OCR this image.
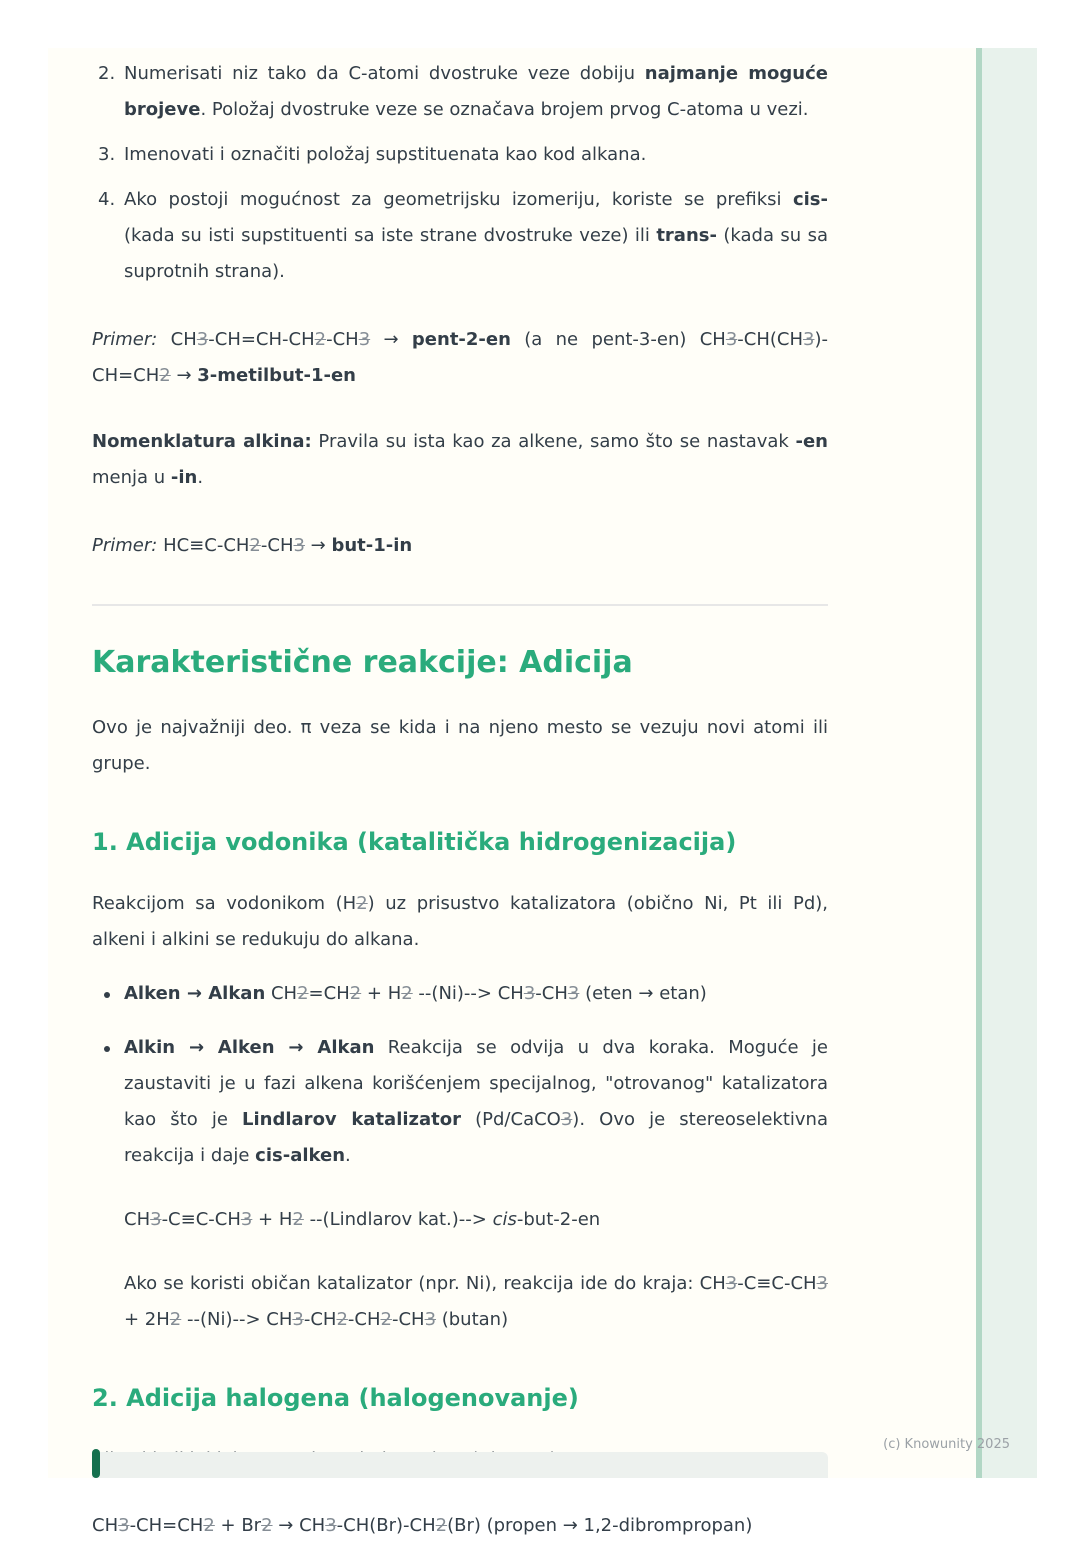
2. Numerisati niz tako da C-atomi dvostruke veze dobiju najmanje moguće brojeve. Položaj dvostruke veze se označava brojem prvog C-atoma u vezi.
3. Imenovati i označiti položaj supstituenata kao kod alkana.
4. Ako postoji mogućnost za geometrijsku izomeriju, koriste se prefiksi cis- (kada su isti supstituenti sa iste strane dvostruke veze) ili trans- (kada su sa suprotnih strana).

Primer: CH3-CH=CH-CH2-CH3 → pent-2-en (a ne pent-3-en) CH3-CH(CH3)-CH=CH2 → 3-metilbut-1-en

Nomenklatura alkina: Pravila su ista kao za alkene, samo što se nastavak -en menja u -in.

Primer: HC≡C-CH2-CH3 → but-1-in

Karakteristične reakcije: Adicija

Ovo je najvažniji deo. π veza se kida i na njeno mesto se vezuju novi atomi ili grupe.

1. Adicija vodonika (katalitička hidrogenizacija)

Reakcijom sa vodonikom (H2) uz prisustvo katalizatora (obično Ni, Pt ili Pd), alkeni i alkini se redukuju do alkana.

Alken → Alkan CH2=CH2 + H2 --(Ni)--> CH3-CH3 (eten → etan)
Alkin → Alken → Alkan Reakcija se odvija u dva koraka. Moguće je zaustaviti je u fazi alkena korišćenjem specijalnog, "otrovanog" katalizatora kao što je Lindlarov katalizator (Pd/CaCO3). Ovo je stereoselektivna reakcija i daje cis-alken.

CH3-C≡C-CH3 + H2 --(Lindlarov kat.)--> cis-but-2-en

Ako se koristi običan katalizator (npr. Ni), reakcija ide do kraja: CH3-C≡C-CH3 + 2H2 --(Ni)--> CH3-CH2-CH2-CH3 (butan)

2. Adicija halogena (halogenovanje)

CH3-CH=CH2 + Br2 → CH3-CH(Br)-CH2(Br) (propen → 1,2-dibrompropan)

(c) Knowunity 2025
